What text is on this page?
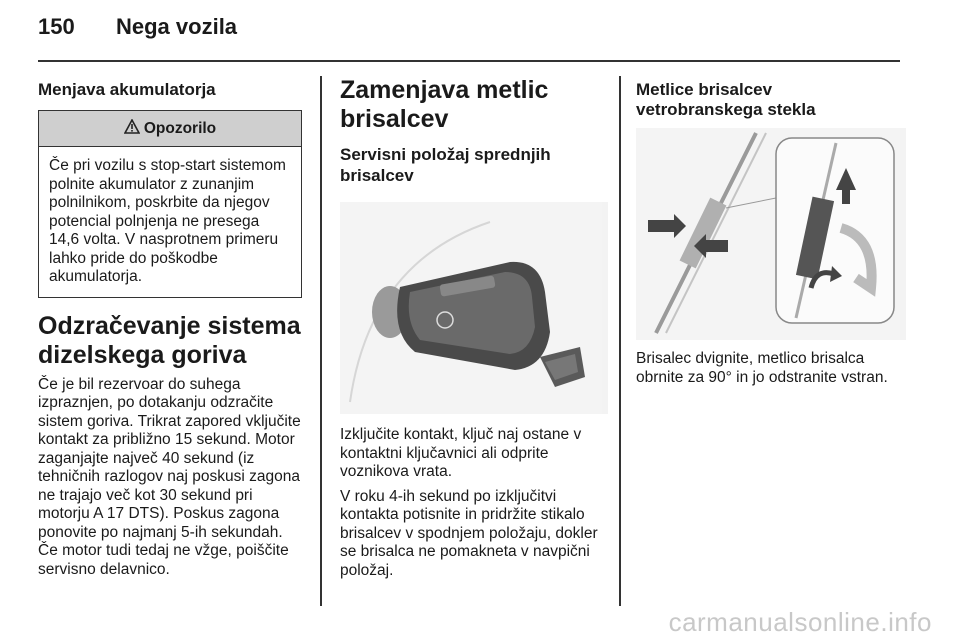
150	Nega vozila
Menjava akumulatorja
Opozorilo
Če pri vozilu s stop-start sistemom polnite akumulator z zunanjim polnilnikom, poskrbite da njegov potencial polnjenja ne presega 14,6 volta. V nasprotnem primeru lahko pride do poškodbe akumulatorja.
Odzračevanje sistema dizelskega goriva
Če je bil rezervoar do suhega izpraznjen, po dotakanju odzračite sistem goriva. Trikrat zapored vključite kontakt za približno 15 sekund. Motor zaganjajte največ 40 sekund (iz tehničnih razlogov naj poskusi zagona ne trajajo več kot 30 sekund pri motorju A 17 DTS). Poskus zagona ponovite po najmanj 5-ih sekundah. Če motor tudi tedaj ne vžge, poiščite servisno delavnico.
Zamenjava metlic brisalcev
Servisni položaj sprednjih brisalcev
Izključite kontakt, ključ naj ostane v kontaktni ključavnici ali odprite voznikova vrata.
V roku 4-ih sekund po izključitvi kontakta potisnite in pridržite stikalo brisalcev v spodnjem položaju, dokler se brisalca ne pomakneta v navpični položaj.
Metlice brisalcev vetrobranskega stekla
Brisalec dvignite, metlico brisalca obrnite za 90° in jo odstranite vstran.
carmanualsonline.info
